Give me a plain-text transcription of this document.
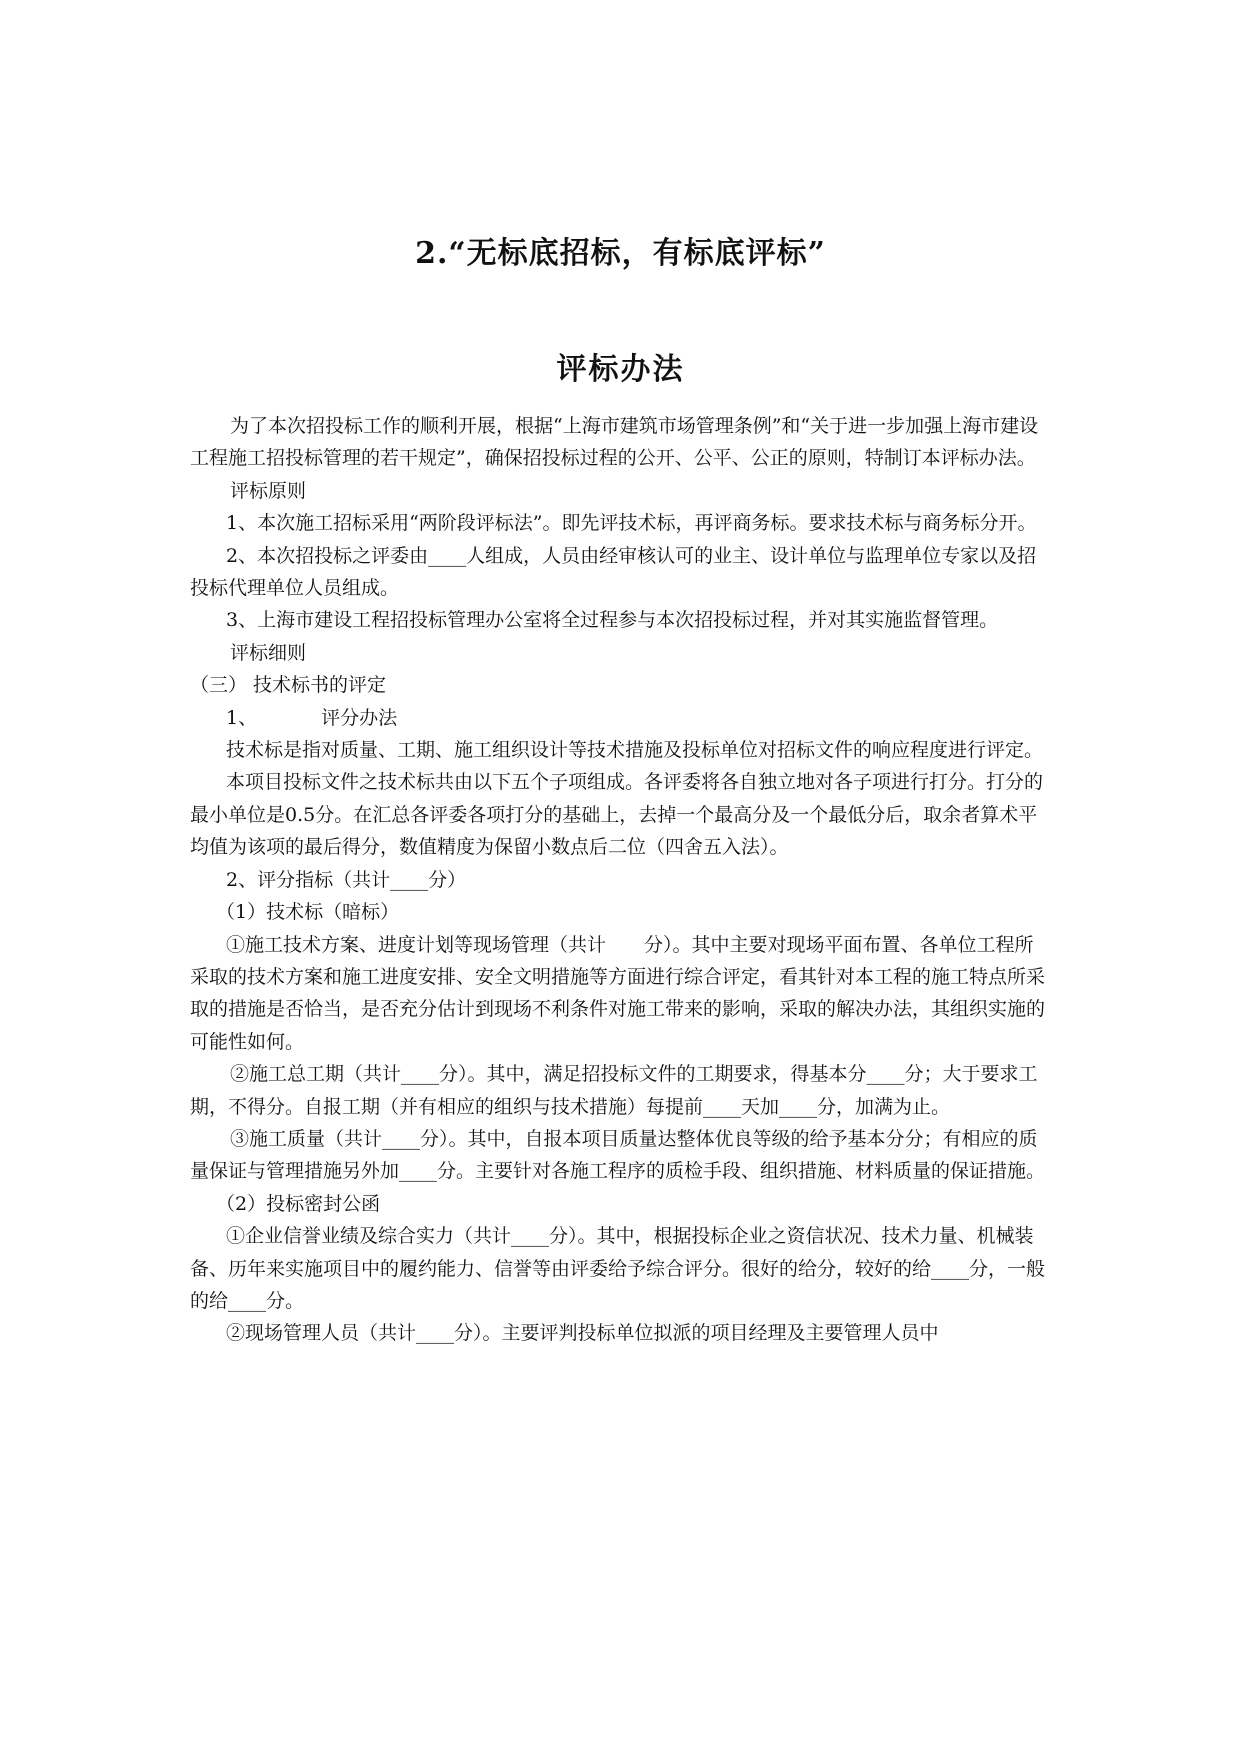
2.“无标底招标，有标底评标”
评标办法

为了本次招投标工作的顺利开展，根据“上海市建筑市场管理条例”和“关于进一步加强上海市建设工程施工招投标管理的若干规定”，确保招投标过程的公开、公平、公正的原则，特制订本评标办法。

评标原则

1、本次施工招标采用“两阶段评标法”。即先评技术标，再评商务标。要求技术标与商务标分开。

2、本次招投标之评委由____人组成，人员由经审核认可的业主、设计单位与监理单位专家以及招投标代理单位人员组成。

3、上海市建设工程招投标管理办公室将全过程参与本次招投标过程，并对其实施监督管理。

评标细则

（三） 技术标书的评定

1、	评分办法

技术标是指对质量、工期、施工组织设计等技术措施及投标单位对招标文件的响应程度进行评定。

本项目投标文件之技术标共由以下五个子项组成。各评委将各自独立地对各子项进行打分。打分的最小单位是0.5分。在汇总各评委各项打分的基础上，去掉一个最高分及一个最低分后，取余者算术平均值为该项的最后得分，数值精度为保留小数点后二位（四舍五入法）。

2、评分指标（共计____分）

（1）技术标（暗标）

①施工技术方案、进度计划等现场管理（共计　　分）。其中主要对现场平面布置、各单位工程所采取的技术方案和施工进度安排、安全文明措施等方面进行综合评定，看其针对本工程的施工特点所采取的措施是否恰当，是否充分估计到现场不利条件对施工带来的影响，采取的解决办法，其组织实施的可能性如何。

②施工总工期（共计____分）。其中，满足招投标文件的工期要求，得基本分____分；大于要求工期，不得分。自报工期（并有相应的组织与技术措施）每提前____天加____分，加满为止。

③施工质量（共计____分）。其中，自报本项目质量达整体优良等级的给予基本分分；有相应的质量保证与管理措施另外加____分。主要针对各施工程序的质检手段、组织措施、材料质量的保证措施。

（2）投标密封公函

①企业信誉业绩及综合实力（共计____分）。其中，根据投标企业之资信状况、技术力量、机械装备、历年来实施项目中的履约能力、信誉等由评委给予综合评分。很好的给分，较好的给____分，一般的给____分。

②现场管理人员（共计____分）。主要评判投标单位拟派的项目经理及主要管理人员中
